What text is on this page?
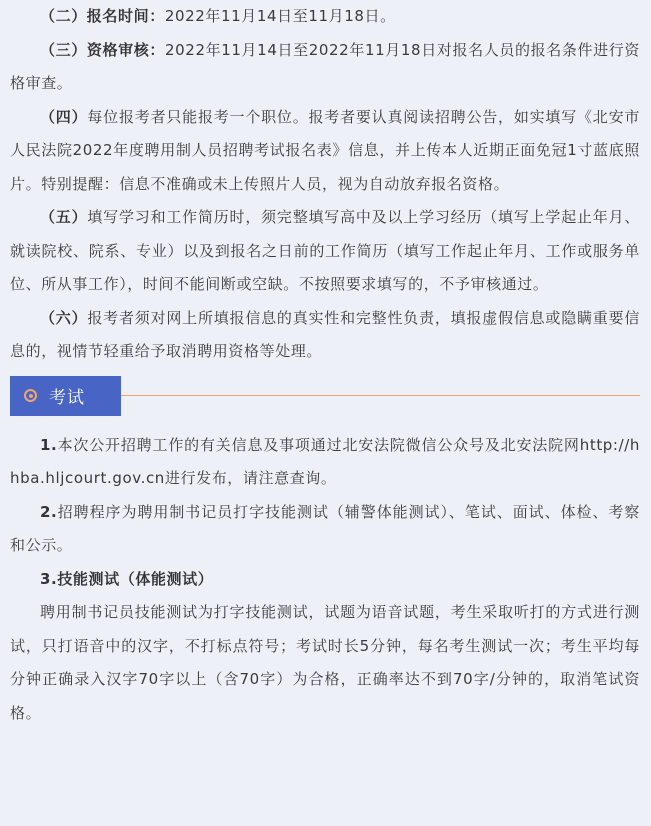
（二）报名时间：2022年11月14日至11月18日。

（三）资格审核：2022年11月14日至2022年11月18日对报名人员的报名条件进行资格审查。

（四）每位报考者只能报考一个职位。报考者要认真阅读招聘公告，如实填写《北安市人民法院2022年度聘用制人员招聘考试报名表》信息，并上传本人近期正面免冠1寸蓝底照片。特别提醒：信息不准确或未上传照片人员，视为自动放弃报名资格。

（五）填写学习和工作简历时，须完整填写高中及以上学习经历（填写上学起止年月、就读院校、院系、专业）以及到报名之日前的工作简历（填写工作起止年月、工作或服务单位、所从事工作），时间不能间断或空缺。不按照要求填写的，不予审核通过。

（六）报考者须对网上所填报信息的真实性和完整性负责，填报虚假信息或隐瞒重要信息的，视情节轻重给予取消聘用资格等处理。

考试

1.本次公开招聘工作的有关信息及事项通过北安法院微信公众号及北安法院网http://hhba.hljcourt.gov.cn进行发布，请注意查询。

2.招聘程序为聘用制书记员打字技能测试（辅警体能测试）、笔试、面试、体检、考察和公示。

3.技能测试（体能测试）

聘用制书记员技能测试为打字技能测试，试题为语音试题，考生采取听打的方式进行测试，只打语音中的汉字，不打标点符号；考试时长5分钟，每名考生测试一次；考生平均每分钟正确录入汉字70字以上（含70字）为合格，正确率达不到70字/分钟的，取消笔试资格。
